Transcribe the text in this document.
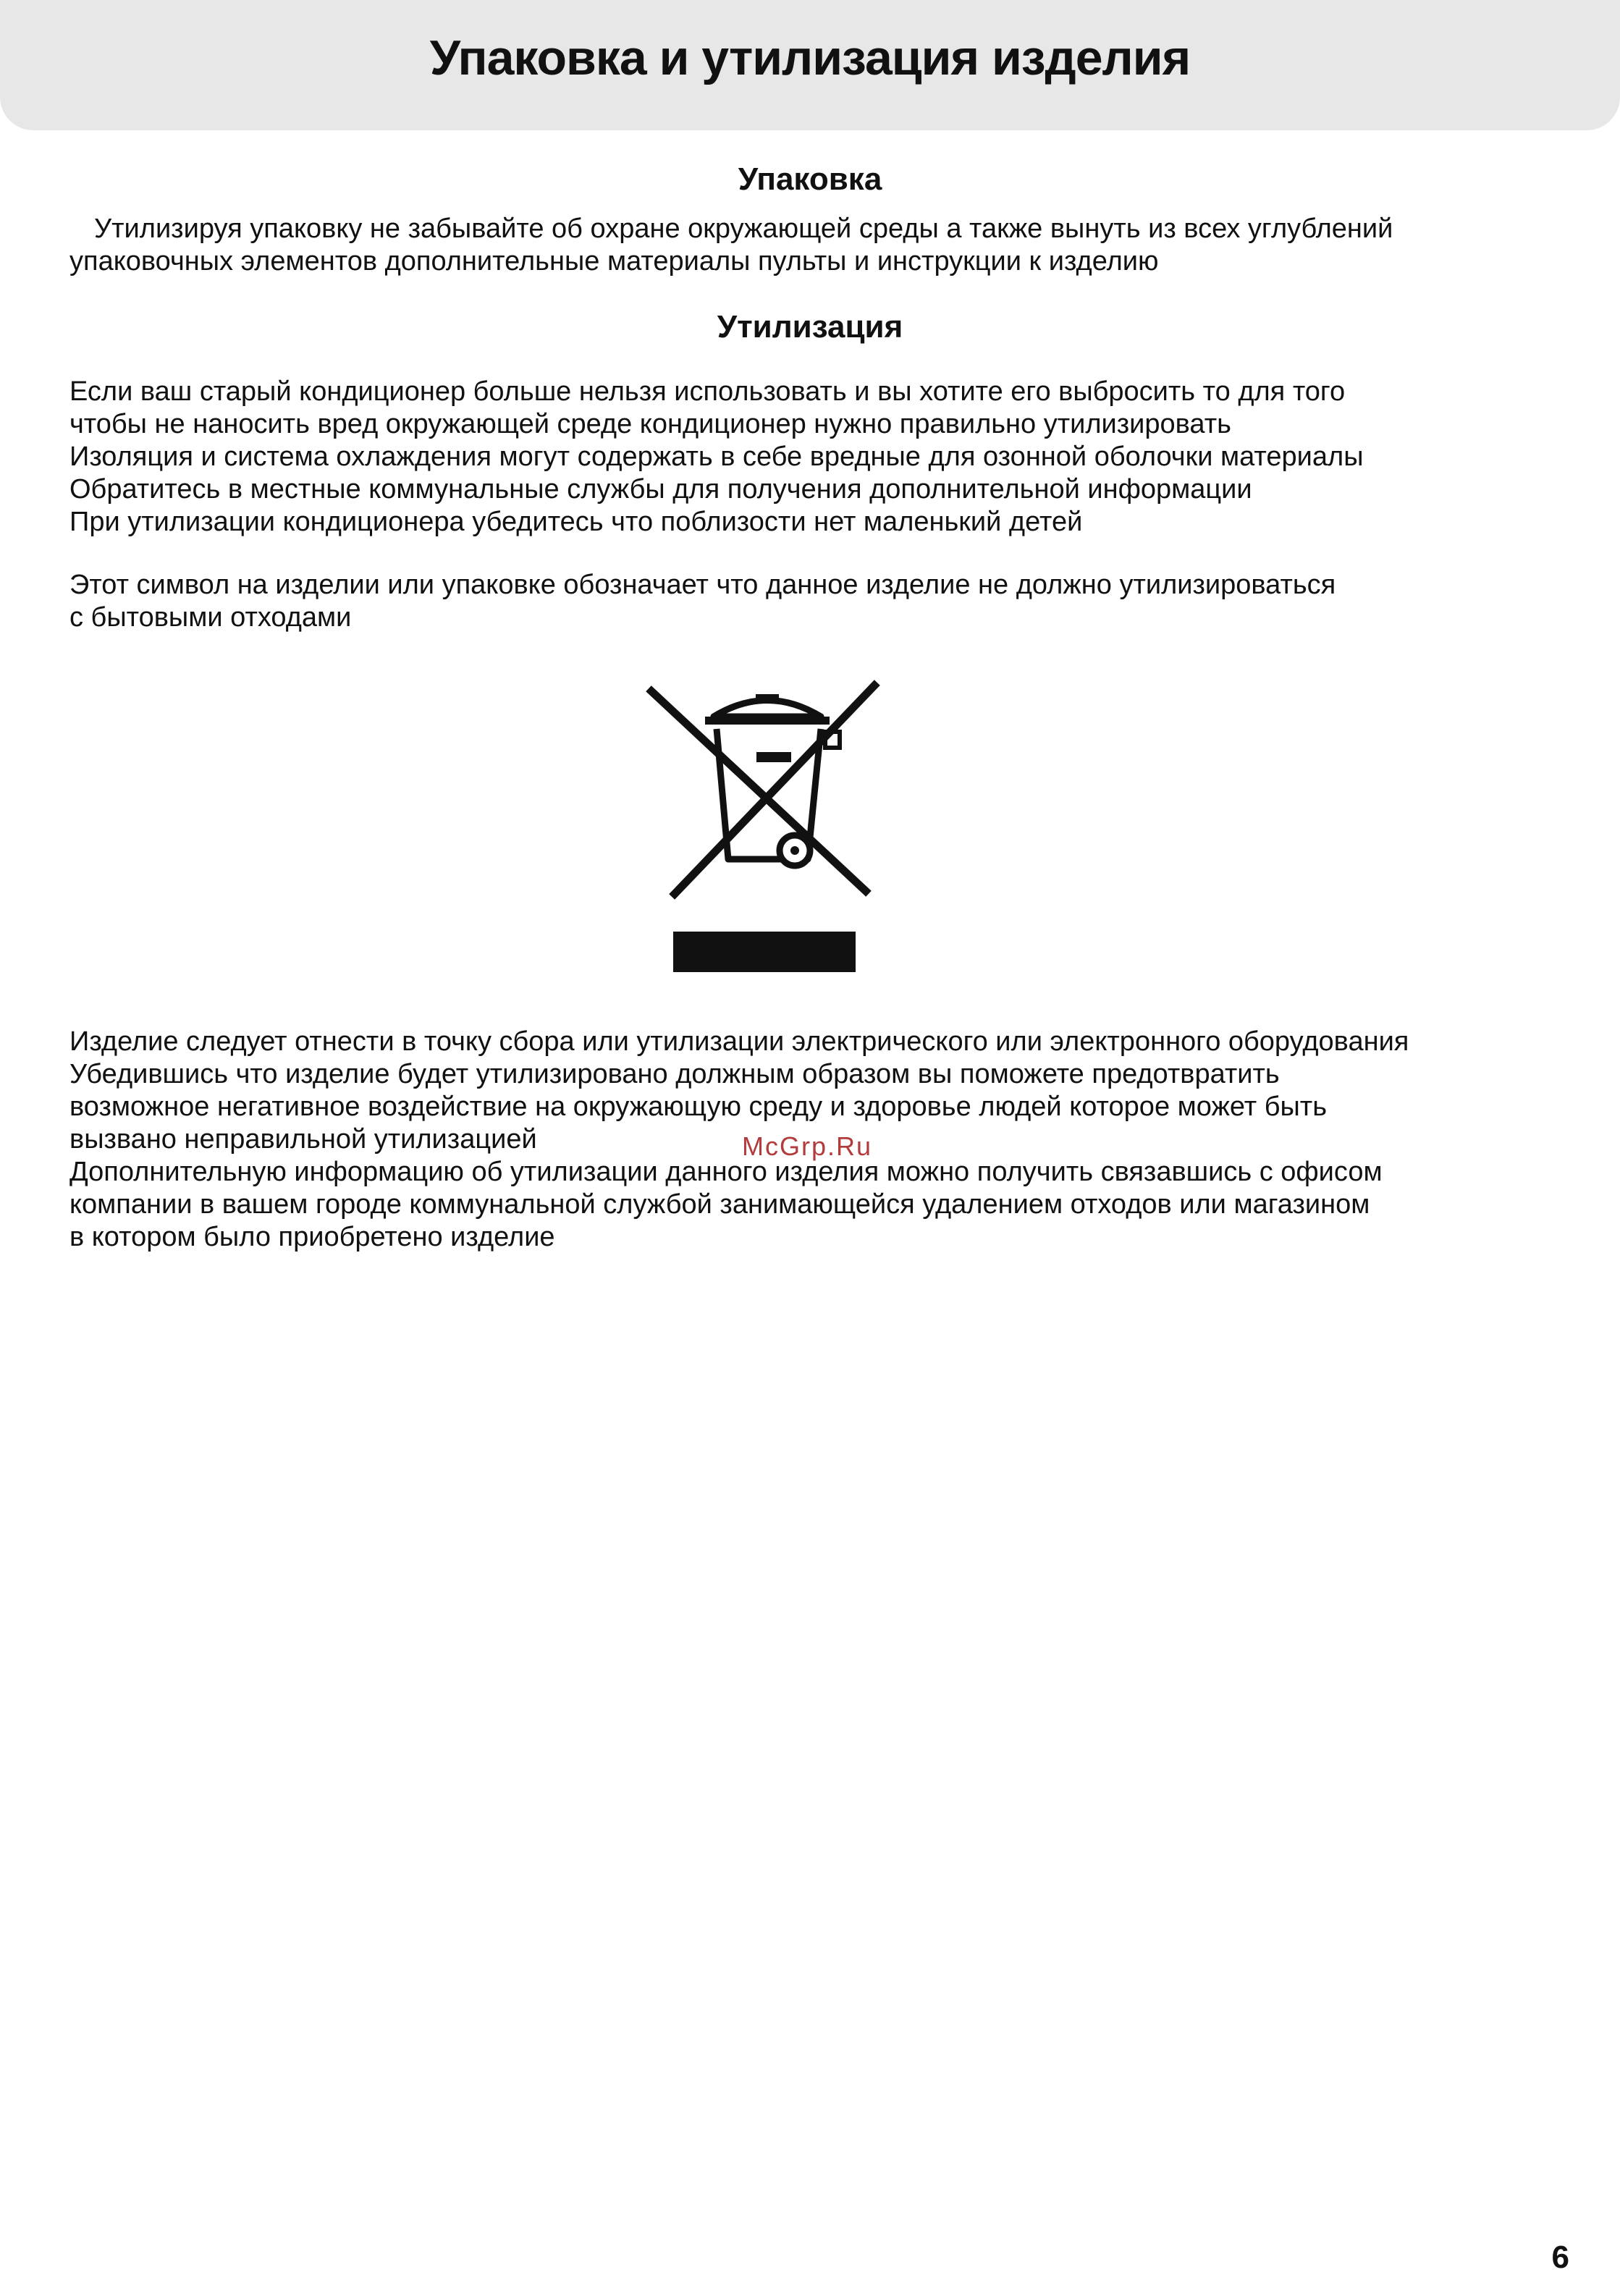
Упаковка и утилизация изделия
Упаковка

Утилизируя упаковку не забывайте об охране окружающей среды а также вынуть из всех углублений
упаковочных элементов дополнительные материалы пульты и инструкции к изделию

Утилизация

Если ваш старый кондиционер больше нельзя использовать и вы хотите его выбросить то для того
чтобы не наносить вред окружающей среде кондиционер нужно правильно утилизировать
Изоляция и система охлаждения могут содержать в себе вредные для озонной оболочки материалы
Обратитесь в местные коммунальные службы для получения дополнительной информации
При утилизации кондиционера убедитесь что поблизости нет маленький детей

Этот символ на изделии или упаковке обозначает что данное изделие не должно утилизироваться
с бытовыми отходами

Изделие следует отнести в точку сбора или утилизации электрического или электронного оборудования
Убедившись что изделие будет утилизировано должным образом вы поможете предотвратить
возможное негативное воздействие на окружающую среду и здоровье людей которое может быть
вызвано неправильной утилизацией
Дополнительную информацию об утилизации данного изделия можно получить связавшись с офисом
компании в вашем городе коммунальной службой занимающейся удалением отходов или магазином
в котором было приобретено изделие

McGrp.Ru
6
